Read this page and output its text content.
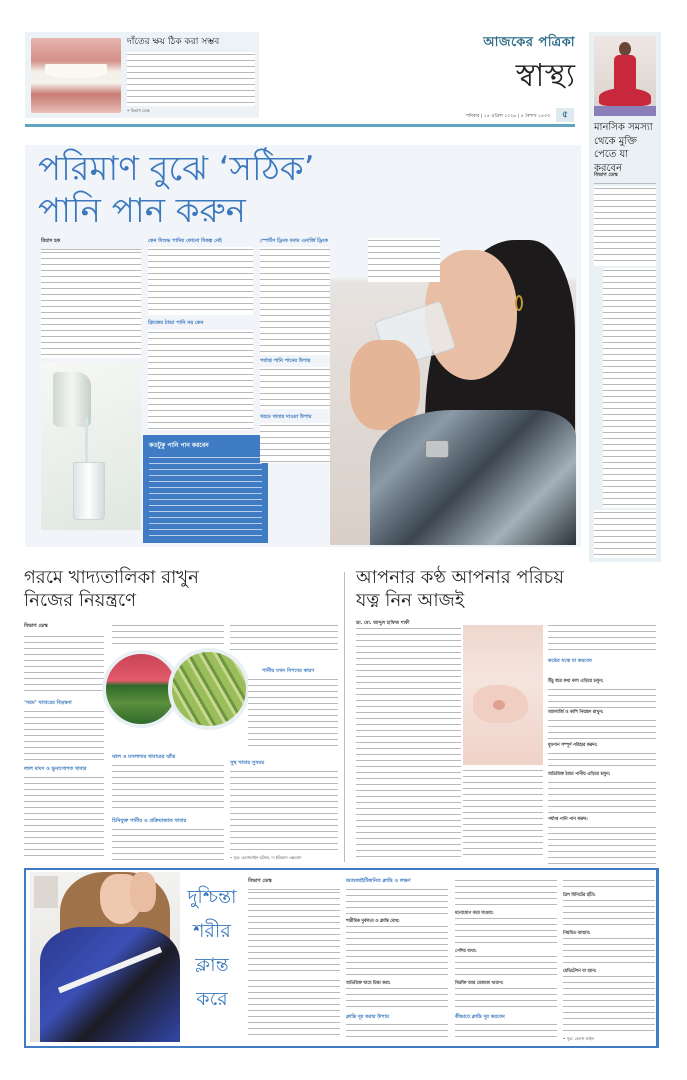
দাঁতের ক্ষয় ঠিক করা সম্ভব
• বিভাগ ডেস্ক
আজকের পত্রিকা
স্বাস্থ্য
শনিবার | ১৪ এপ্রিল ২০২৬ | ৫ বৈশাখ ১৪৩৩	৫
মানসিক সমস্যা থেকে মুক্তি পেতে যা করবেন
বিভাগ ডেস্ক
পরিমাণ বুঝে ‘সঠিক’
পানি পান করুন
রিয়াদ হক	কেন বিশুদ্ধ পানির কোনো বিকল্প নেই
ফ্রিজের ঠান্ডা পানি নয় কেন
কতটুকু পানি পান করবেন
স্পোর্টস ড্রিংক বনাম এনার্জি ড্রিংক
পর্যাপ্ত পানি পানের উপায়
গরমে খাবার দাওয়া উপায়
গরমে খাদ্যতালিকা রাখুন
নিজের নিয়ন্ত্রণে
বিভাগ ডেস্ক
‘গরম’ খাবারের বিড়ম্বনা
লাল মাংস ও ভুনাগোশত খাবার
ঝাল ও মসলাদার খাবারের ঝাঁঝ
চিনিযুক্ত পানীয় ও প্রক্রিয়াজাত খাবার
পানীয় যখন বিপদের কারণ
সুস্থ খাবার সুসময়
• সূত্র: হেলথলাইন ডটকম, দ্য ইন্ডিয়ান এক্সপ্রেস
আপনার কণ্ঠ আপনার পরিচয়
যত্ন নিন আজই
ডা. মো. আব্দুল হাফিজ শাফী
কণ্ঠের যত্নে যা করবেন
উঁচু স্বরে কথা বলা এড়িয়ে চলুন:
অ্যালার্জি ও কাশি নিয়ন্ত্রণ রাখুন:
ধূমপান সম্পূর্ণ পরিহার করুন:
অতিরিক্ত ঠান্ডা পানীয় এড়িয়ে চলুন:
পর্যাপ্ত পানি পান করুন:
দুশ্চিন্তা
শরীর
ক্লান্ত
করে
বিভাগ ডেস্ক	অ্যাংজাইটিজনিত ক্লান্তি ও লক্ষণ
শারীরিক দুর্বলতা ও ক্লান্তি বোধ:
অতিরিক্ত ঘামে চিন্তা করা:
ক্লান্তি দূর করার উপায়
মনোযোগ কমে যাওয়া:
পেশির ব্যথা:
বিরক্তি আর মেজাজ খারাপ:
কীভাবে ক্লান্তি দূর করবেন
ত্রিশ মিনিটের হাঁটা:
নিয়মিত ব্যায়াম:
মেডিটেশন বা ধ্যান:
• সূত্র: হেলথ লাইন
